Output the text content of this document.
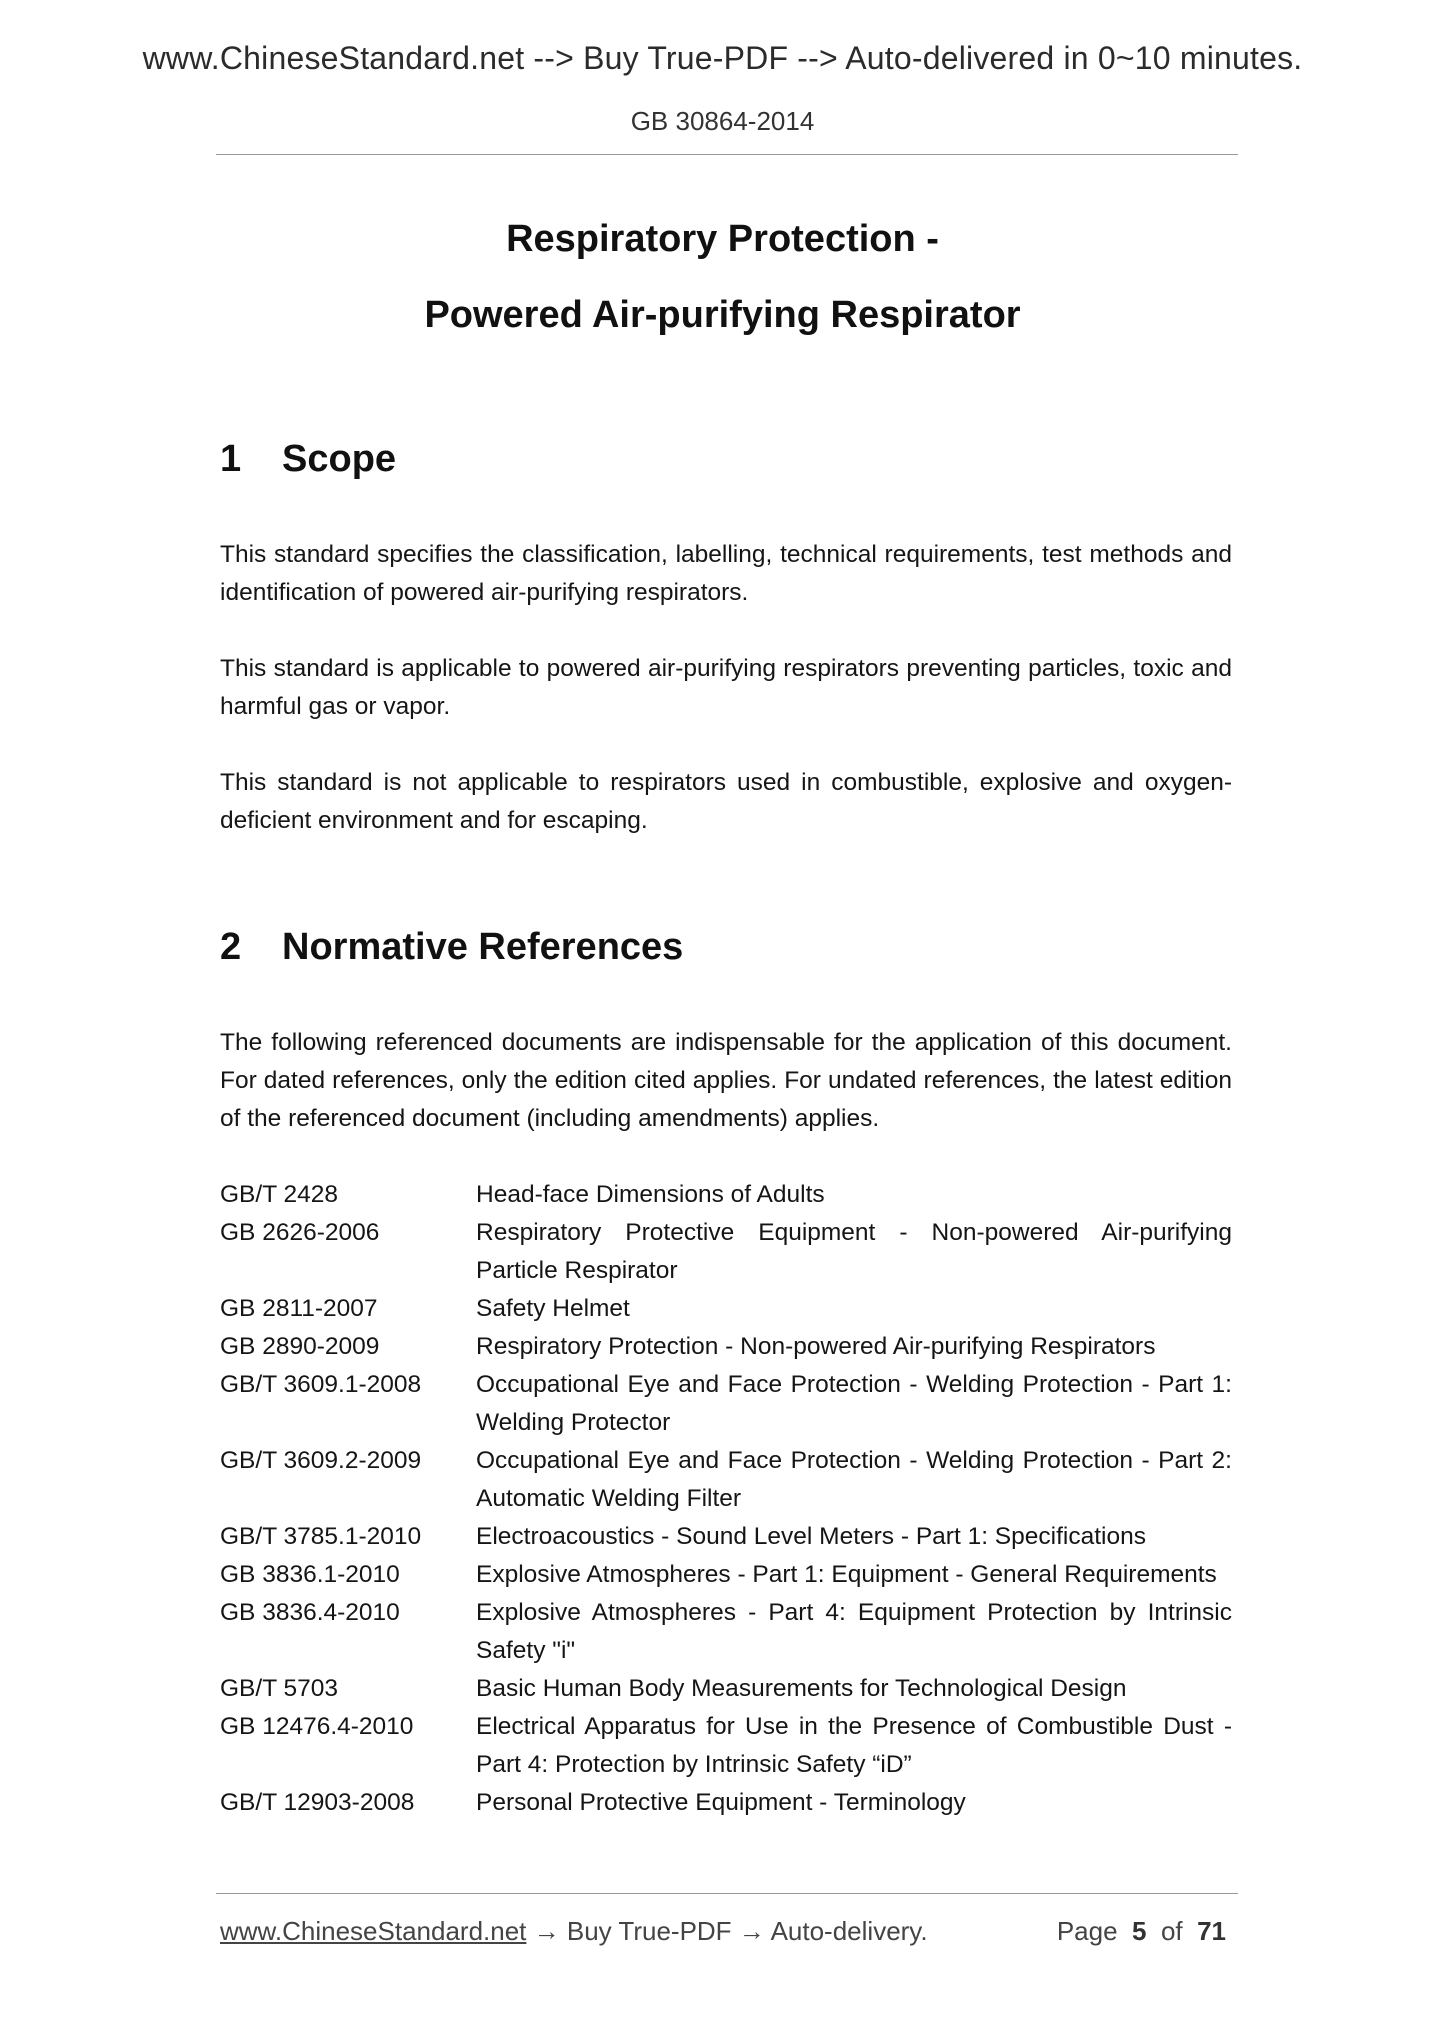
www.ChineseStandard.net --> Buy True-PDF --> Auto-delivered in 0~10 minutes.
GB 30864-2014
Respiratory Protection -
Powered Air-purifying Respirator
1 Scope
This standard specifies the classification, labelling, technical requirements, test methods and identification of powered air-purifying respirators.
This standard is applicable to powered air-purifying respirators preventing particles, toxic and harmful gas or vapor.
This standard is not applicable to respirators used in combustible, explosive and oxygen-deficient environment and for escaping.
2 Normative References
The following referenced documents are indispensable for the application of this document. For dated references, only the edition cited applies. For undated references, the latest edition of the referenced document (including amendments) applies.
GB/T 2428	Head-face Dimensions of Adults
GB 2626-2006	Respiratory Protective Equipment - Non-powered Air-purifying Particle Respirator
GB 2811-2007	Safety Helmet
GB 2890-2009	Respiratory Protection - Non-powered Air-purifying Respirators
GB/T 3609.1-2008	Occupational Eye and Face Protection - Welding Protection - Part 1: Welding Protector
GB/T 3609.2-2009	Occupational Eye and Face Protection - Welding Protection - Part 2: Automatic Welding Filter
GB/T 3785.1-2010	Electroacoustics - Sound Level Meters - Part 1: Specifications
GB 3836.1-2010	Explosive Atmospheres - Part 1: Equipment - General Requirements
GB 3836.4-2010	Explosive Atmospheres - Part 4: Equipment Protection by Intrinsic Safety "i"
GB/T 5703	Basic Human Body Measurements for Technological Design
GB 12476.4-2010	Electrical Apparatus for Use in the Presence of Combustible Dust - Part 4: Protection by Intrinsic Safety “iD”
GB/T 12903-2008	Personal Protective Equipment - Terminology
www.ChineseStandard.net → Buy True-PDF → Auto-delivery.	Page 5 of 71
